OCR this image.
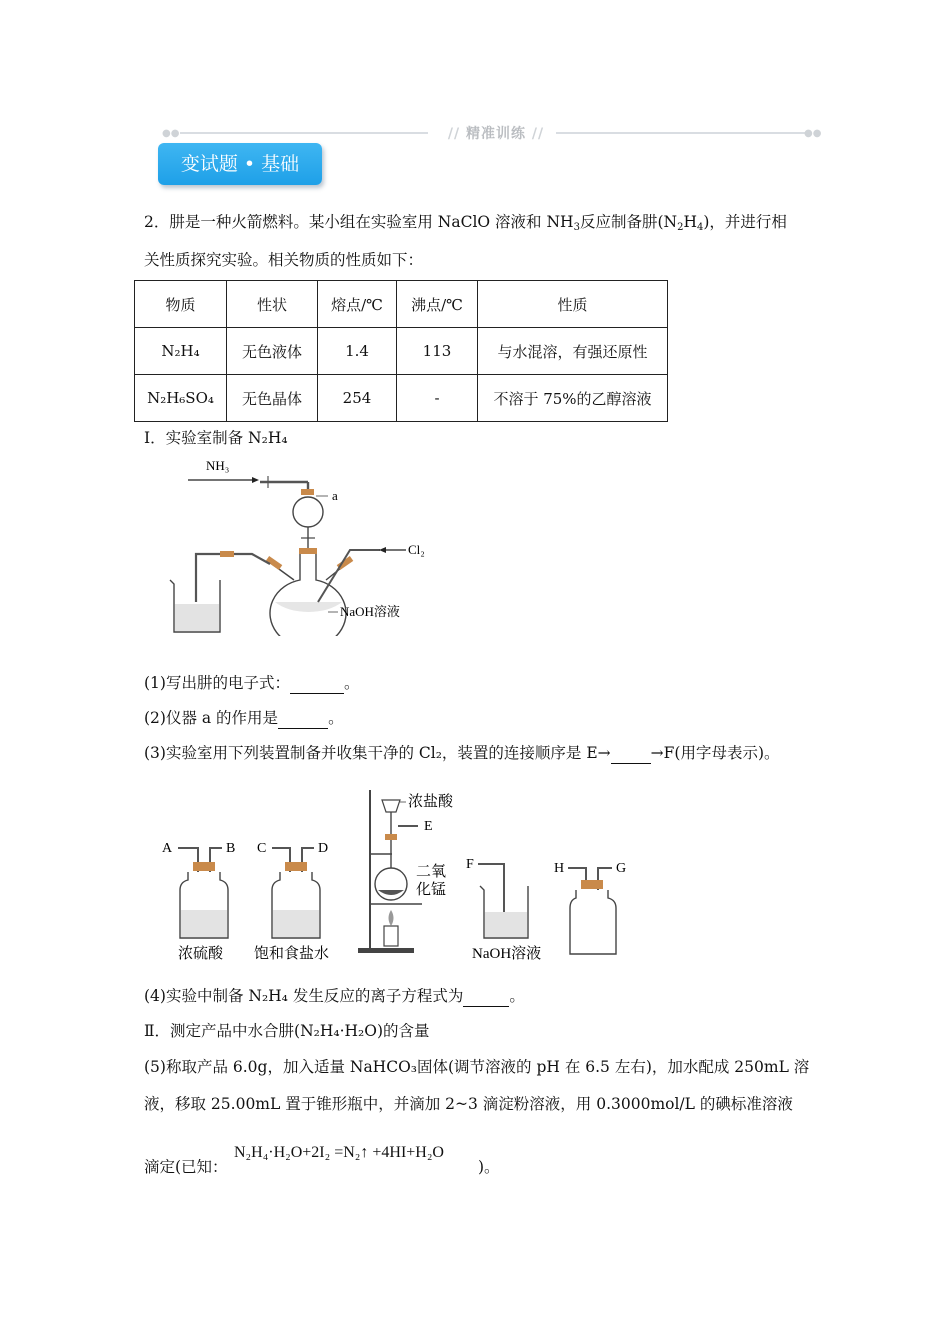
●●	// 精准训练 //	●●
变试题 • 基础
2．肼是一种火箭燃料。某小组在实验室用 NaClO 溶液和 $NH_3$反应制备肼$(N_2H_4)$，并进行相
关性质探究实验。相关物质的性质如下：
物质	性状	熔点/℃	沸点/℃	性质
N₂H₄	无色液体	1.4	113	与水混溶，有强还原性
N₂H₆SO₄	无色晶体	254	-	不溶于 75%的乙醇溶液
I．实验室制备 N₂H₄
NH₃
a
Cl₂
NaOH溶液
(1)写出肼的电子式：	。
(2)仪器 a 的作用是	。
(3)实验室用下列装置制备并收集干净的 Cl₂，装置的连接顺序是 E→	→F(用字母表示)。
A	B
浓硫酸
C	D
饱和食盐水
E
浓盐酸
二氧
化锰
F
NaOH溶液
H	G
(4)实验中制备 N₂H₄ 发生反应的离子方程式为	。
Ⅱ．测定产品中水合肼(N₂H₄·H₂O)的含量
(5)称取产品 6.0g，加入适量 NaHCO₃固体(调节溶液的 pH 在 6.5 左右)，加水配成 250mL 溶
液，移取 25.00mL 置于锥形瓶中，并滴加 2~3 滴淀粉溶液，用 0.3000mol/L 的碘标准溶液
滴定(已知：
N₂H₄·H₂O+2I₂ =N₂↑ +4HI+H₂O
)。
